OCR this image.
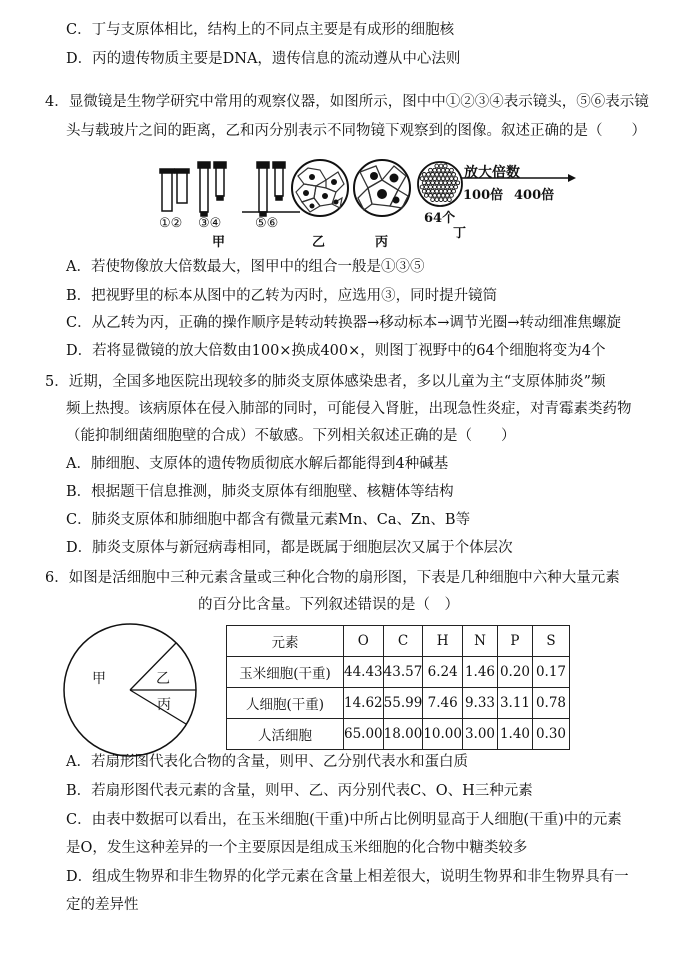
C．丁与支原体相比，结构上的不同点主要是有成形的细胞核
D．丙的遗传物质主要是DNA，遗传信息的流动遵从中心法则
4．显微镜是生物学研究中常用的观察仪器，如图所示，图中中①②③④表示镜头，⑤⑥表示镜
头与载玻片之间的距离，乙和丙分别表示不同物镜下观察到的图像。叙述正确的是（　　）
①② ③④	⑤⑥
甲	乙	丙
丁
64个
放大倍数
100倍 400倍
A．若使物像放大倍数最大，图甲中的组合一般是①③⑤
B．把视野里的标本从图中的乙转为丙时，应选用③，同时提升镜筒
C．从乙转为丙，正确的操作顺序是转动转换器→移动标本→调节光圈→转动细准焦螺旋
D．若将显微镜的放大倍数由100×换成400×，则图丁视野中的64个细胞将变为4个
5．近期，全国多地医院出现较多的肺炎支原体感染患者，多以儿童为主“支原体肺炎”频
频上热搜。该病原体在侵入肺部的同时，可能侵入肾脏，出现急性炎症，对青霉素类药物
（能抑制细菌细胞壁的合成）不敏感。下列相关叙述正确的是（　　）
A．肺细胞、支原体的遗传物质彻底水解后都能得到4种碱基
B．根据题干信息推测，肺炎支原体有细胞壁、核糖体等结构
C．肺炎支原体和肺细胞中都含有微量元素Mn、Ca、Zn、B等
D．肺炎支原体与新冠病毒相同，都是既属于细胞层次又属于个体层次
6．如图是活细胞中三种元素含量或三种化合物的扇形图，下表是几种细胞中六种大量元素
的百分比含量。下列叙述错误的是（　）
甲	乙
丙
元素	O	C	H	N	P	S
玉米细胞(干重)	44.43	43.57	6.24	1.46	0.20	0.17
人细胞(干重)	14.62	55.99	7.46	9.33	3.11	0.78
人活细胞	65.00	18.00	10.00	3.00	1.40	0.30
A．若扇形图代表化合物的含量，则甲、乙分别代表水和蛋白质
B．若扇形图代表元素的含量，则甲、乙、丙分别代表C、O、H三种元素
C．由表中数据可以看出，在玉米细胞(干重)中所占比例明显高于人细胞(干重)中的元素
是O，发生这种差异的一个主要原因是组成玉米细胞的化合物中糖类较多
D．组成生物界和非生物界的化学元素在含量上相差很大，说明生物界和非生物界具有一
定的差异性
